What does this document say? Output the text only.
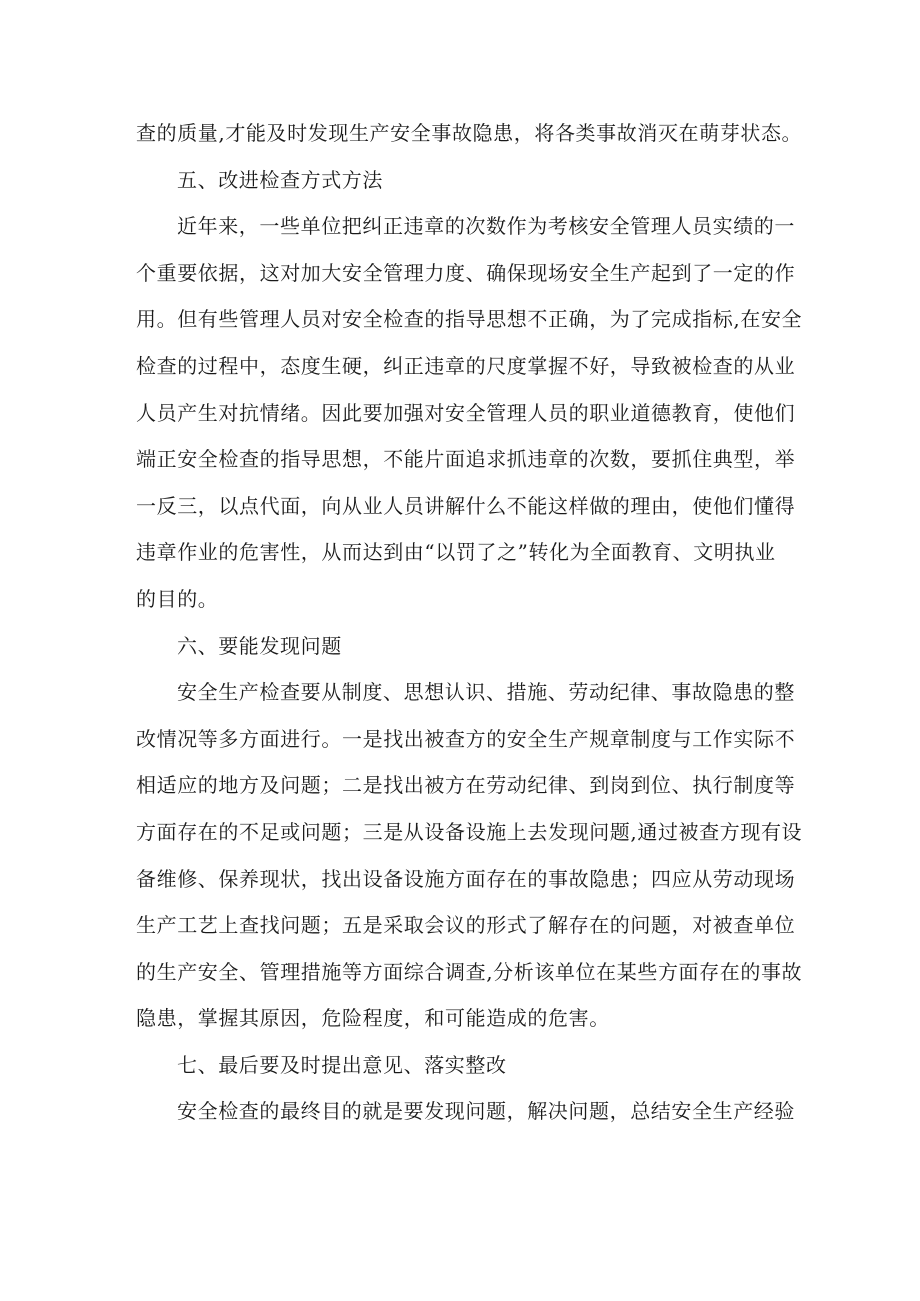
查的质量,才能及时发现生产安全事故隐患，将各类事故消灭在萌芽状态。
五、改进检查方式方法
近年来，一些单位把纠正违章的次数作为考核安全管理人员实绩的一
个重要依据，这对加大安全管理力度、确保现场安全生产起到了一定的作
用。但有些管理人员对安全检查的指导思想不正确，为了完成指标,在安全
检查的过程中，态度生硬，纠正违章的尺度掌握不好，导致被检查的从业
人员产生对抗情绪。因此要加强对安全管理人员的职业道德教育，使他们
端正安全检查的指导思想，不能片面追求抓违章的次数，要抓住典型，举
一反三，以点代面，向从业人员讲解什么不能这样做的理由，使他们懂得
违章作业的危害性，从而达到由“以罚了之”转化为全面教育、文明执业
的目的。
六、要能发现问题
安全生产检查要从制度、思想认识、措施、劳动纪律、事故隐患的整
改情况等多方面进行。一是找出被查方的安全生产规章制度与工作实际不
相适应的地方及问题；二是找出被方在劳动纪律、到岗到位、执行制度等
方面存在的不足或问题；三是从设备设施上去发现问题,通过被查方现有设
备维修、保养现状，找出设备设施方面存在的事故隐患；四应从劳动现场
生产工艺上查找问题；五是采取会议的形式了解存在的问题，对被查单位
的生产安全、管理措施等方面综合调查,分析该单位在某些方面存在的事故
隐患，掌握其原因，危险程度，和可能造成的危害。
七、最后要及时提出意见、落实整改
安全检查的最终目的就是要发现问题，解决问题，总结安全生产经验
